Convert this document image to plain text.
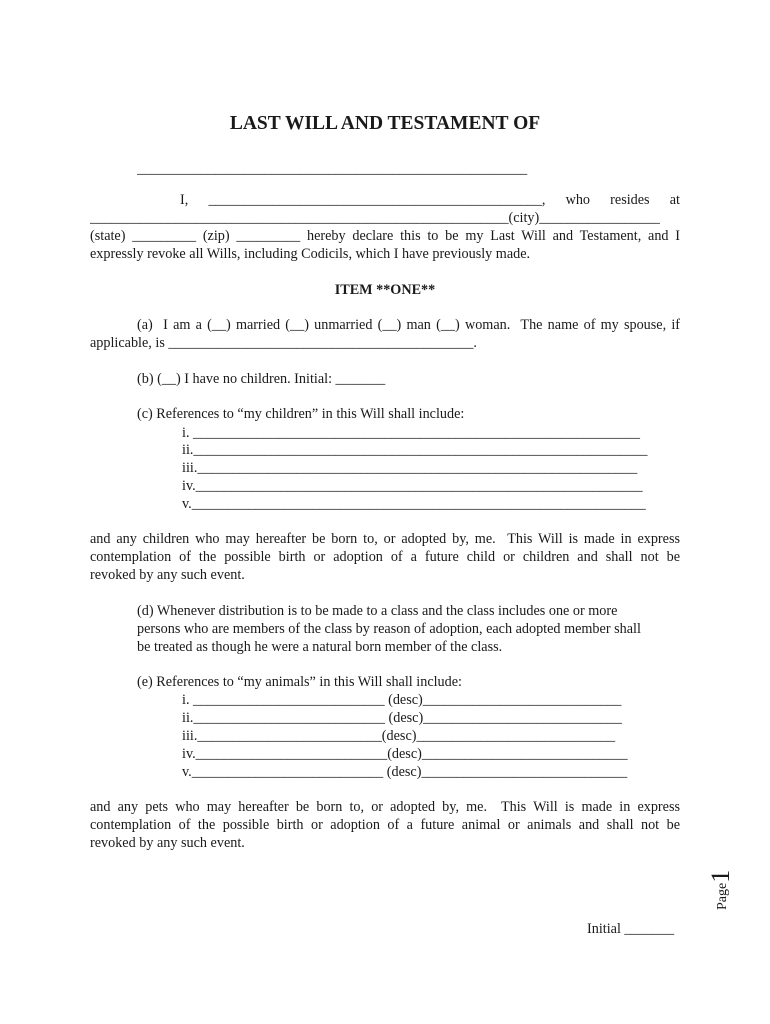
LAST WILL AND TESTAMENT OF
_______________________________________________________
I,  _______________________________________________,  who  resides  at
___________________________________________________________(city)_________________
(state) _________ (zip) _________ hereby declare this to be my Last Will and Testament, and I
expressly revoke all Wills, including Codicils, which I have previously made.
ITEM **ONE**
(a)  I am a (__) married (__) unmarried (__) man (__) woman.  The name of my spouse, if
applicable, is ___________________________________________.
(b) (__) I have no children. Initial: _______
(c) References to “my children” in this Will shall include:
i. _______________________________________________________________
ii.________________________________________________________________
iii.______________________________________________________________
iv._______________________________________________________________
v.________________________________________________________________
and any children who may hereafter be born to, or adopted by, me.  This Will is made in express
contemplation of the possible birth or adoption of a future child or children and shall not be
revoked by any such event.
(d) Whenever distribution is to be made to a class and the class includes one or more
persons who are members of the class by reason of adoption, each adopted member shall
be treated as though he were a natural born member of the class.
(e) References to “my animals” in this Will shall include:
i. ___________________________ (desc)____________________________
ii.___________________________ (desc)____________________________
iii.__________________________(desc)____________________________
iv.___________________________(desc)_____________________________
v.___________________________ (desc)_____________________________
and any pets who may hereafter be born to, or adopted by, me.  This Will is made in express
contemplation of the possible birth or adoption of a future animal or animals and shall not be
revoked by any such event.
Page1
Initial _______
